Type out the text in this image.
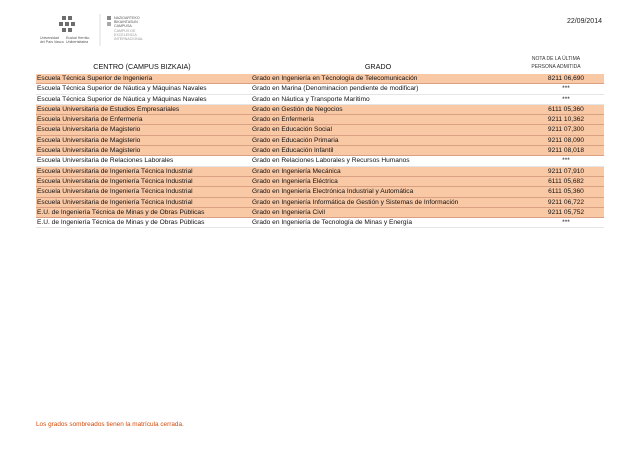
22/09/2014
Universidad
del País Vasco
Euskal Herriko
Unibertsitatea
NAZIOARTEKO
BIKAINTASUN
CAMPUSA
CAMPUS DE
EXCELENCIA
INTERNACIONAL
NOTA DE LA ÚLTIMA
CENTRO (CAMPUS BIZKAIA)	GRADO	PERSONA ADMITIDA
Escuela Técnica Superior de Ingeniería	Grado en Ingeniería en Técnología de Telecomunicación	8211 06,690
Escuela Técnica Superior de Náutica y Máquinas Navales	Grado en Marina (Denominacion pendiente de modificar)	***
Escuela Técnica Superior de Náutica y Máquinas Navales	Grado en Náutica y Transporte Marítimo	***
Escuela Universitaria de Estudios Empresariales	Grado en Gestión de Negocios	6111 05,360
Escuela Universitaria de Enfermería	Grado en Enfermería	9211 10,362
Escuela Universitaria de Magisterio	Grado en Educación Social	9211 07,300
Escuela Universitaria de Magisterio	Grado en Educación Primaria	9211 08,090
Escuela Universitaria de Magisterio	Grado en Educación Infantil	9211 08,018
Escuela Universitaria de Relaciones Laborales	Grado en Relaciones Laborales y Recursos Humanos	***
Escuela Universitaria de Ingeniería Técnica Industrial	Grado en Ingeniería Mecánica	9211 07,910
Escuela Universitaria de Ingeniería Técnica Industrial	Grado en Ingeniería Eléctrica	6111 05,682
Escuela Universitaria de Ingeniería Técnica Industrial	Grado en Ingeniería Electrónica Industrial y Automática	6111 05,360
Escuela Universitaria de Ingeniería Técnica Industrial	Grado en Ingeniería Informática de Gestión y Sistemas de Información	9211 06,722
E.U. de Ingeniería Técnica de Minas y de Obras Públicas	Grado en Ingeniería Civil	9211 05,752
E.U. de Ingeniería Técnica de Minas y de Obras Públicas	Grado en Ingeniería de Tecnología de Minas y Energía	***
Los grados sombreados tienen la matrícula cerrada.
